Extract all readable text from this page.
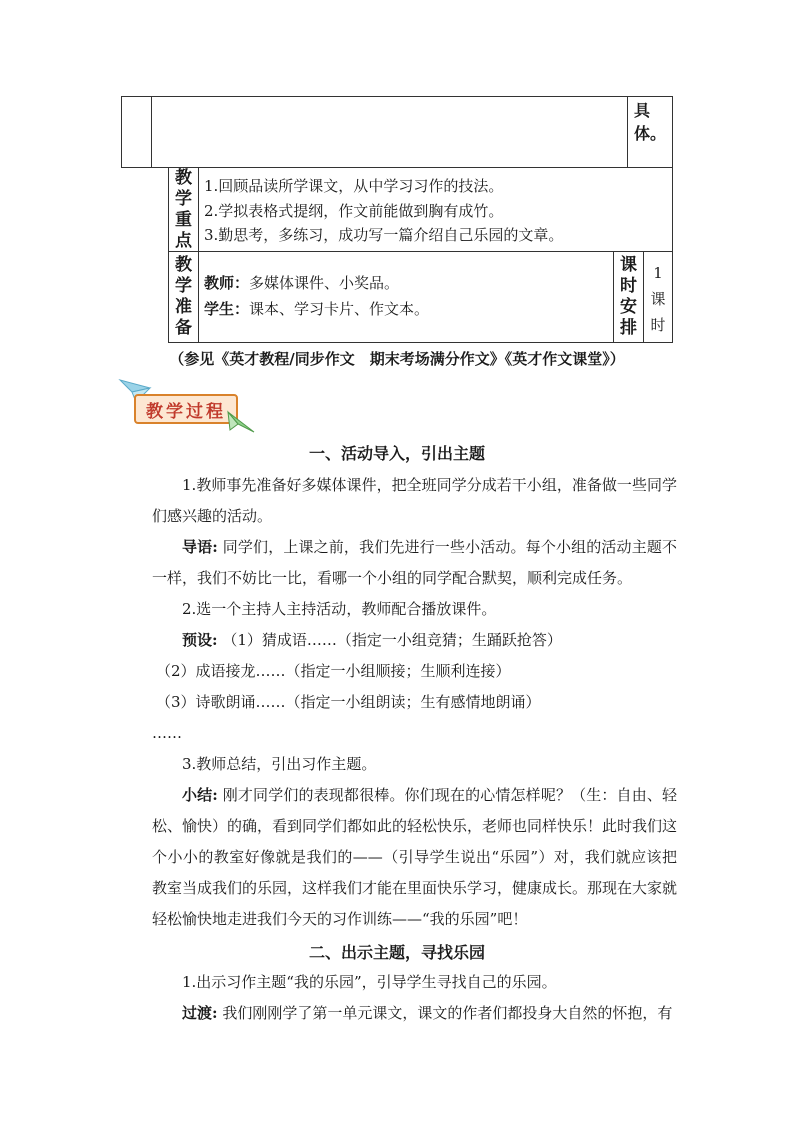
具
体。
教
学
重
点
1.回顾品读所学课文，从中学习习作的技法。
2.学拟表格式提纲，作文前能做到胸有成竹。
3.勤思考，多练习，成功写一篇介绍自己乐园的文章。
教
学
准
备
教师：多媒体课件、小奖品。
学生：课本、学习卡片、作文本。
课
时
安
排
1
课
时
（参见《英才教程/同步作文　期末考场满分作文》《英才作文课堂》）
教学过程
一、活动导入，引出主题
1.教师事先准备好多媒体课件，把全班同学分成若干小组，准备做一些同学们感兴趣的活动。
导语: 同学们，上课之前，我们先进行一些小活动。每个小组的活动主题不一样，我们不妨比一比，看哪一个小组的同学配合默契，顺利完成任务。
2.选一个主持人主持活动，教师配合播放课件。
预设: （1）猜成语……（指定一小组竞猜；生踊跃抢答）
（2）成语接龙……（指定一小组顺接；生顺利连接）
（3）诗歌朗诵……（指定一小组朗读；生有感情地朗诵）
……
3.教师总结，引出习作主题。
小结: 刚才同学们的表现都很棒。你们现在的心情怎样呢？（生：自由、轻松、愉快）的确，看到同学们都如此的轻松快乐，老师也同样快乐！此时我们这个小小的教室好像就是我们的——（引导学生说出“乐园”）对，我们就应该把教室当成我们的乐园，这样我们才能在里面快乐学习，健康成长。那现在大家就轻松愉快地走进我们今天的习作训练——“我的乐园”吧！
二、出示主题，寻找乐园
1.出示习作主题“我的乐园”，引导学生寻找自己的乐园。
过渡: 我们刚刚学了第一单元课文，课文的作者们都投身大自然的怀抱，有
